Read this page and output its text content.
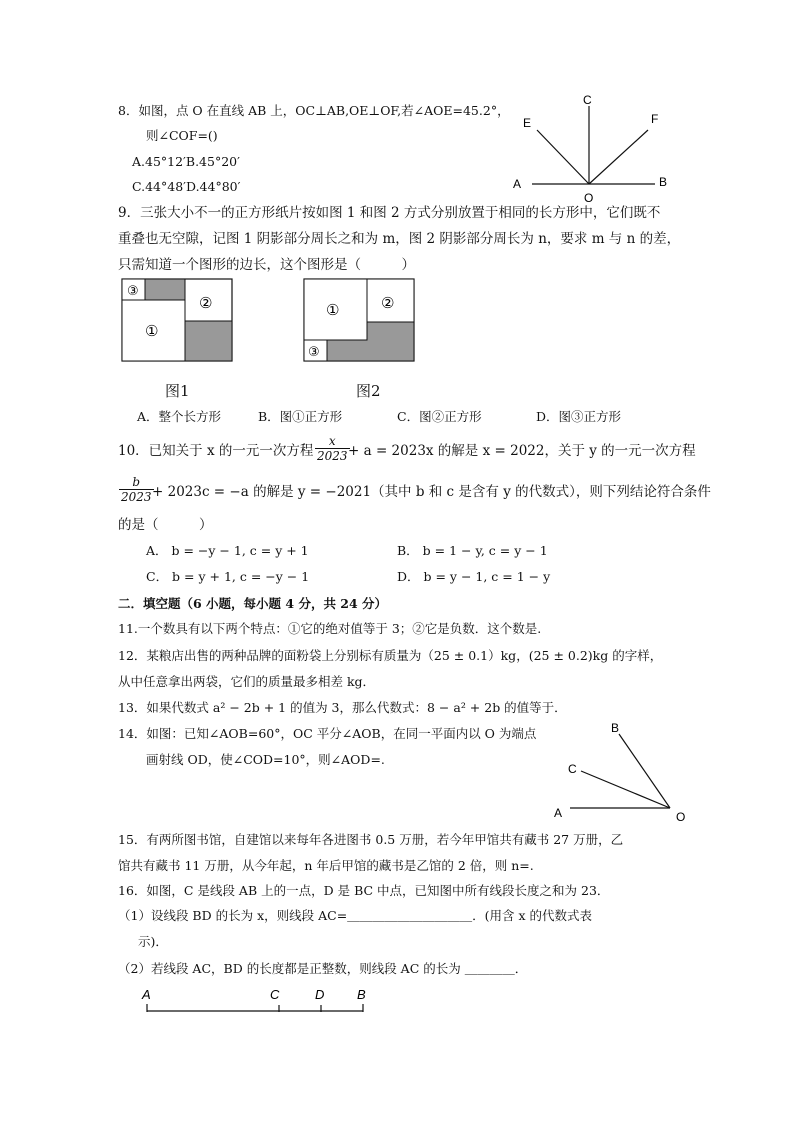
8．如图，点 O 在直线 AB 上，OC⊥AB,OE⊥OF,若∠AOE=45.2°，
则∠COF=()
A.45°12′B.45°20′
C.44°48′D.44°80′
C
E	F
A	B
O
9．三张大小不一的正方形纸片按如图 1 和图 2 方式分别放置于相同的长方形中，它们既不
重叠也无空隙，记图 1 阴影部分周长之和为 m，图 2 阴影部分周长为 n，要求 m 与 n 的差，
只需知道一个图形的边长，这个图形是（　　　）
③
②
①
①	②
③
图1	图2
A．整个长方形	B．图①正方形	C．图②正方形	D．图③正方形
10．已知关于 x 的一元一次方程 $\frac{x}{2023}$
+ a = 2023x 的解是 x = 2022，关于 y 的一元一次方程
$\frac{b}{2023}$
+ 2023c = −a 的解是 y = −2021（其中 b 和 c 是含有 y 的代数式），则下列结论符合条件
的是（　　　）
A． b = −y − 1, c = y + 1	B． b = 1 − y, c = y − 1
C． b = y + 1, c = −y − 1	D． b = y − 1, c = 1 − y
二．填空题（6 小题，每小题 4 分，共 24 分）
11.一个数具有以下两个特点：①它的绝对值等于 3；②它是负数．这个数是.
12．某粮店出售的两种品牌的面粉袋上分别标有质量为（25 ± 0.1）kg，(25 ± 0.2)kg 的字样，
从中任意拿出两袋，它们的质量最多相差 kg．
13．如果代数式 a² − 2b + 1 的值为 3，那么代数式：8 − a² + 2b 的值等于．
14．如图：已知∠AOB=60°，OC 平分∠AOB，在同一平面内以 O 为端点
画射线 OD，使∠COD=10°，则∠AOD=.
B
C
A	O
15．有两所图书馆，自建馆以来每年各进图书 0.5 万册，若今年甲馆共有藏书 27 万册，乙
馆共有藏书 11 万册，从今年起，n 年后甲馆的藏书是乙馆的 2 倍，则 n=.
16．如图，C 是线段 AB 上的一点，D 是 BC 中点，已知图中所有线段长度之和为 23．
（1）设线段 BD 的长为 x，则线段 AC=＿＿＿＿＿＿＿＿＿＿．(用含 x 的代数式表
示)．
（2）若线段 AC，BD 的长度都是正整数，则线段 AC 的长为 ＿＿＿＿．
A	C	D	B
